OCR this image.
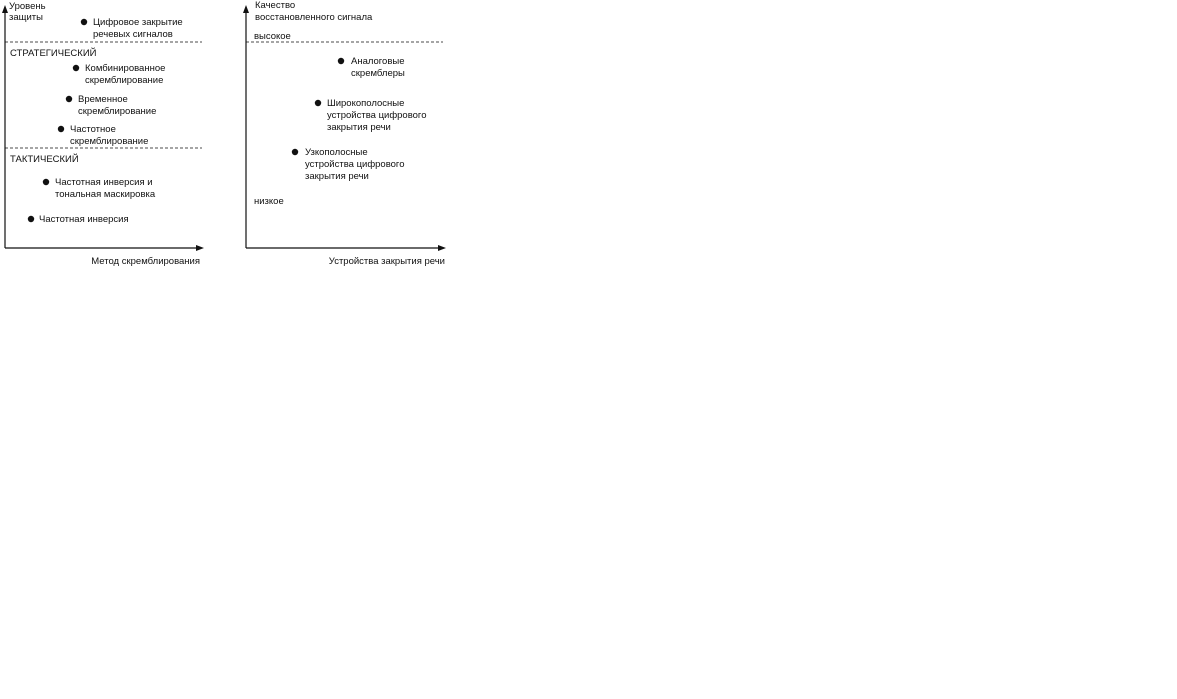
Уровень
защиты
Метод скремблирования
СТРАТЕГИЧЕСКИЙ
ТАКТИЧЕСКИЙ
Цифровое закрытие
речевых сигналов
Комбинированное
скремблирование
Временное
скремблирование
Частотное
скремблирование
Частотная инверсия и
тональная маскировка
Частотная инверсия
Качество
восстановленного сигнала
Устройства закрытия речи
высокое
низкое
Аналоговые
скремблеры
Широкополосные
устройства цифрового
закрытия речи
Узкополосные
устройства цифрового
закрытия речи
